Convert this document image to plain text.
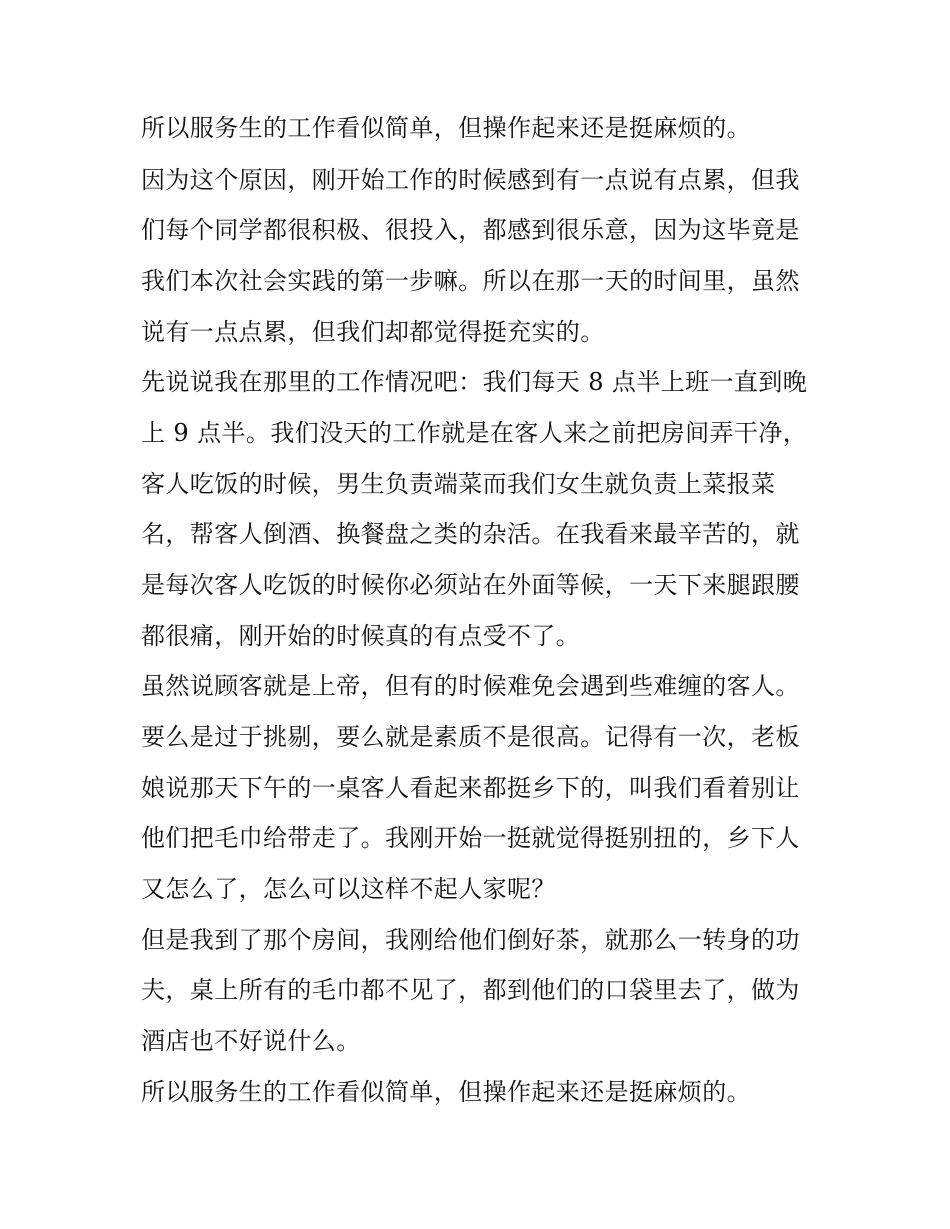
所以服务生的工作看似简单，但操作起来还是挺麻烦的。
因为这个原因，刚开始工作的时候感到有一点说有点累，但我
们每个同学都很积极、很投入，都感到很乐意，因为这毕竟是
我们本次社会实践的第一步嘛。所以在那一天的时间里，虽然
说有一点点累，但我们却都觉得挺充实的。
先说说我在那里的工作情况吧：我们每天 8 点半上班一直到晚
上 9 点半。我们没天的工作就是在客人来之前把房间弄干净，
客人吃饭的时候，男生负责端菜而我们女生就负责上菜报菜
名，帮客人倒酒、换餐盘之类的杂活。在我看来最辛苦的，就
是每次客人吃饭的时候你必须站在外面等候，一天下来腿跟腰
都很痛，刚开始的时候真的有点受不了。
虽然说顾客就是上帝，但有的时候难免会遇到些难缠的客人。
要么是过于挑剔，要么就是素质不是很高。记得有一次，老板
娘说那天下午的一桌客人看起来都挺乡下的，叫我们看着别让
他们把毛巾给带走了。我刚开始一挺就觉得挺别扭的，乡下人
又怎么了，怎么可以这样不起人家呢？
但是我到了那个房间，我刚给他们倒好茶，就那么一转身的功
夫，桌上所有的毛巾都不见了，都到他们的口袋里去了，做为
酒店也不好说什么。
所以服务生的工作看似简单，但操作起来还是挺麻烦的。
